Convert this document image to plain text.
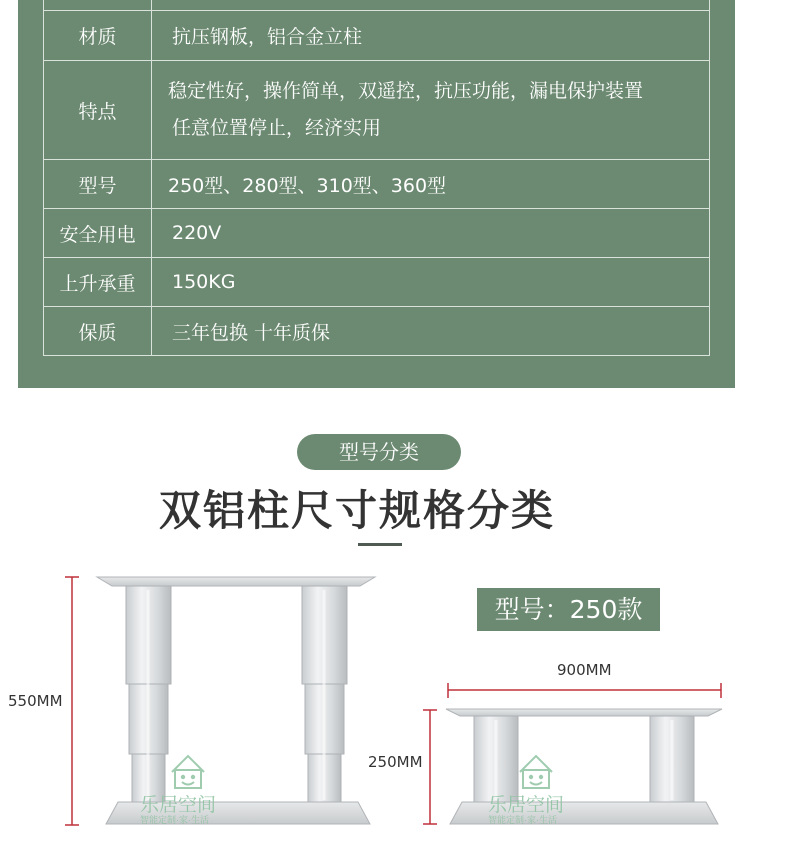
材质	抗压钢板，铝合金立柱
特点	稳定性好，操作简单，双遥控，抗压功能，漏电保护装置
任意位置停止，经济实用

型号	250型、280型、310型、360型
安全用电	220V
上升承重	150KG
保质	三年包换 十年质保
型号分类
双铝柱尺寸规格分类
型号：250款
550MM
900MM
250MM
乐居空间
智能定制·家·生活
乐居空间
智能定制·家·生活
